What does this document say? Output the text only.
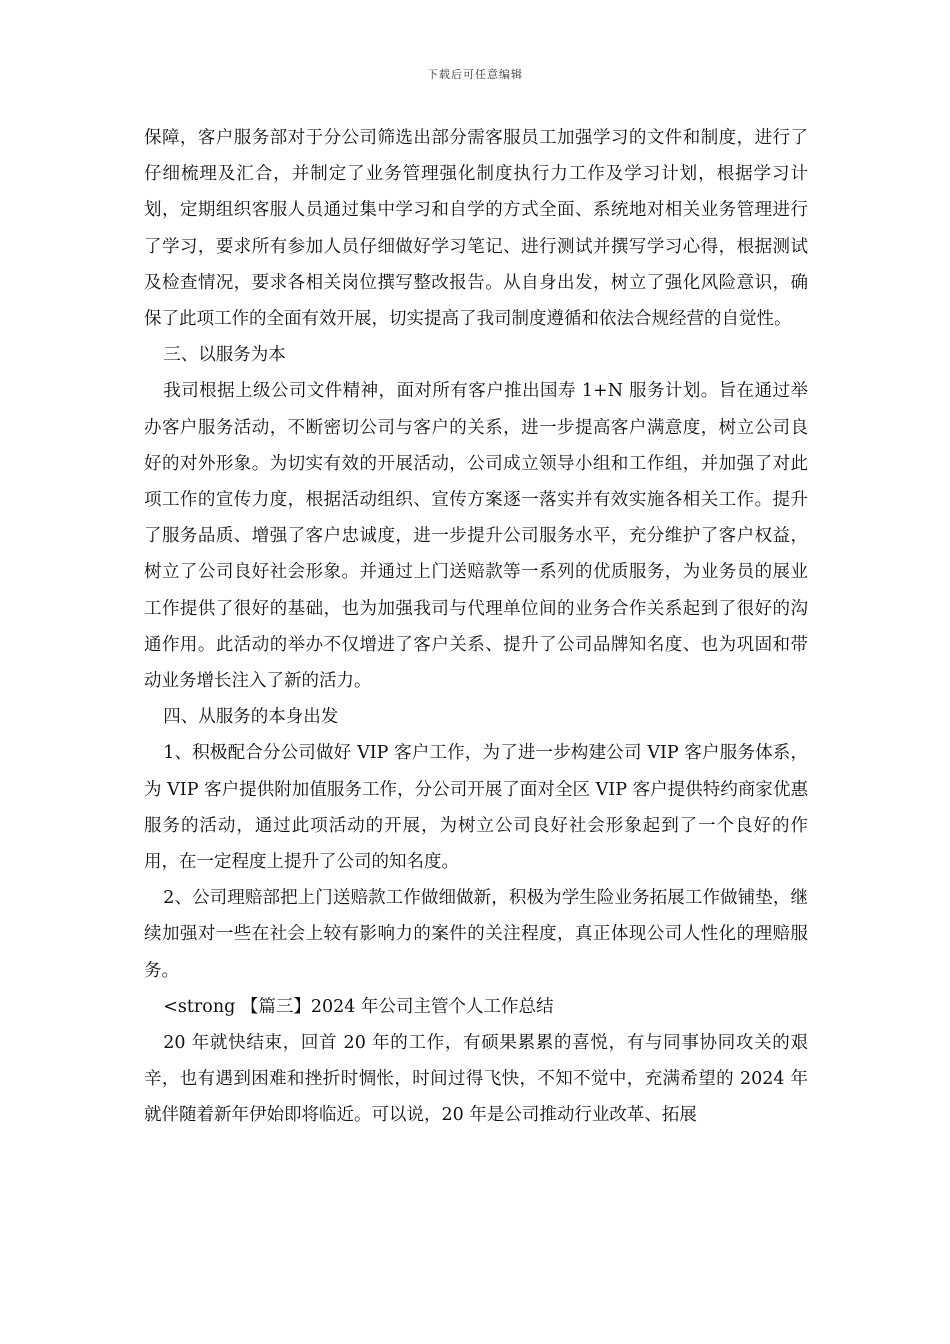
下载后可任意编辑

保障，客户服务部对于分公司筛选出部分需客服员工加强学习的文件和制度，进行了仔细梳理及汇合，并制定了业务管理强化制度执行力工作及学习计划，根据学习计划，定期组织客服人员通过集中学习和自学的方式全面、系统地对相关业务管理进行了学习，要求所有参加人员仔细做好学习笔记、进行测试并撰写学习心得，根据测试及检查情况，要求各相关岗位撰写整改报告。从自身出发，树立了强化风险意识，确保了此项工作的全面有效开展，切实提高了我司制度遵循和依法合规经营的自觉性。

三、以服务为本

我司根据上级公司文件精神，面对所有客户推出国寿 1+N 服务计划。旨在通过举办客户服务活动，不断密切公司与客户的关系，进一步提高客户满意度，树立公司良好的对外形象。为切实有效的开展活动，公司成立领导小组和工作组，并加强了对此项工作的宣传力度，根据活动组织、宣传方案逐一落实并有效实施各相关工作。提升了服务品质、增强了客户忠诚度，进一步提升公司服务水平，充分维护了客户权益，树立了公司良好社会形象。并通过上门送赔款等一系列的优质服务，为业务员的展业工作提供了很好的基础，也为加强我司与代理单位间的业务合作关系起到了很好的沟通作用。此活动的举办不仅增进了客户关系、提升了公司品牌知名度、也为巩固和带动业务增长注入了新的活力。

四、从服务的本身出发

1、积极配合分公司做好 VIP 客户工作，为了进一步构建公司 VIP 客户服务体系，为 VIP 客户提供附加值服务工作，分公司开展了面对全区 VIP 客户提供特约商家优惠服务的活动，通过此项活动的开展，为树立公司良好社会形象起到了一个良好的作用，在一定程度上提升了公司的知名度。

2、公司理赔部把上门送赔款工作做细做新，积极为学生险业务拓展工作做铺垫，继续加强对一些在社会上较有影响力的案件的关注程度，真正体现公司人性化的理赔服务。

<strong 【篇三】2024 年公司主管个人工作总结

20 年就快结束，回首 20 年的工作，有硕果累累的喜悦，有与同事协同攻关的艰辛，也有遇到困难和挫折时惆怅，时间过得飞快，不知不觉中，充满希望的 2024 年就伴随着新年伊始即将临近。可以说，20 年是公司推动行业改革、拓展
